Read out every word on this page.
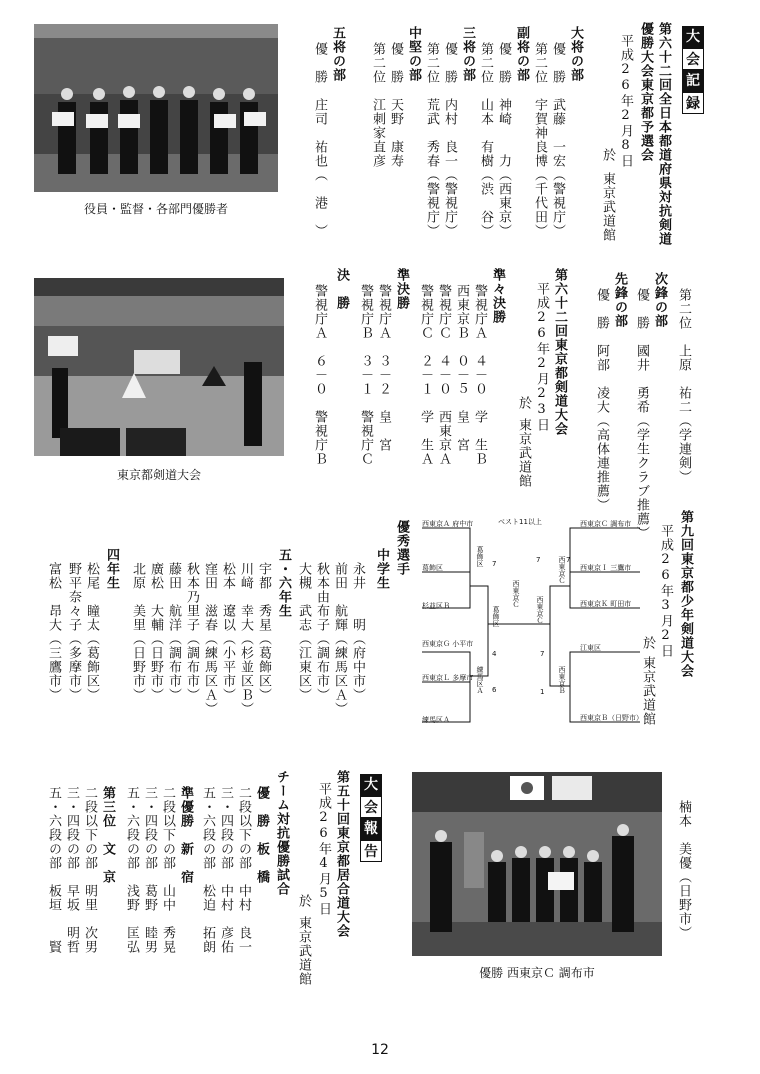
大
会
記
録
第六十二回全日本都道府県対抗剣道
優勝大会東京都予選会
平成26年2月8日
於
東京武道館
大将の部
優　勝　武藤　一宏（警視庁）
第二位　宇賀神良博（千代田）
副将の部
優　勝　神崎　　力（西東京）
第二位　山本　有樹（渋　谷）
三将の部
優　勝　内村　良一（警視庁）
第二位　荒武　秀春（警視庁）
中堅の部
優　勝　天野　康寿
第二位　江刺家直彦
五将の部
優　勝　庄司　祐也（　港　）
役員・監督・各部門優勝者
第二位　上原　祐二（学連剣）
次鋒の部
優　勝　國井　勇希（学生クラブ推薦）
先鋒の部
優　勝　阿部　凌大（高体連推薦）
第六十二回東京都剣道大会
平成26年2月23日
於
東京武道館
準々決勝
警視庁Ａ　４－０　学　生Ｂ
西東京Ｂ　０－５　皇　宮
警視庁Ｃ　４－０　西東京Ａ
警視庁Ｃ　２－１　学　生Ａ
準決勝
警視庁Ａ　３－２　皇　宮
警視庁Ｂ　３－１　警視庁Ｃ
決　勝
警視庁Ａ　６－０　警視庁Ｂ
東京都剣道大会
第九回東京都少年剣道大会
平成26年3月2日
於
東京武道館
ベスト11以上
西東京Ａ 府中市
葛飾区
杉並区Ｂ
西東京Ｇ 小平市
西東京Ｌ 多摩市
練馬区Ａ
西東京Ｃ 調布市
西東京Ｉ 三鷹市
西東京Ｋ 町田市
江東区
西東京Ｂ（日野市）
葛飾区
葛飾区
練馬区Ａ
西東京Ｃ
西東京Ｃ
西東京Ｃ
西東京Ｂ
7
4
6
7	7
7
1
優秀選手
中学生
永井　　明（府中市）
前田　航輝（練馬区Ａ）
秋本由布子（調布市）
大槻　武志（江東区）
五・六年生
宇都　秀星（葛飾区）
川﨑　幸大（杉並区Ｂ）
松本　遼以（小平市）
窪田　滋春（練馬区Ａ）
秋本乃里子（調布市）
藤田　航洋（調布市）
廣松　大輔（日野市）
北原　美里（日野市）
四年生
松尾　瞳太（葛飾区）
野平奈々子（多摩市）
富松　昂大（三鷹市）
楠本　美優（日野市）
優勝 西東京Ｃ 調布市
大
会
報
告
第五十回東京都居合道大会
平成26年4月5日
於
東京武道館
チーム対抗優勝試合
優　勝　板　橋
二段以下の部　中村　良一
三・四段の部　中村　彦佑
五・六段の部　松迫　拓朗
準優勝　新　宿
二段以下の部　山中　秀晃
三・四段の部　葛野　睦男
五・六段の部　浅野　匡弘
第三位　文　京
二段以下の部　明里　次男
三・四段の部　早坂　明哲
五・六段の部　板垣　　賢
12
